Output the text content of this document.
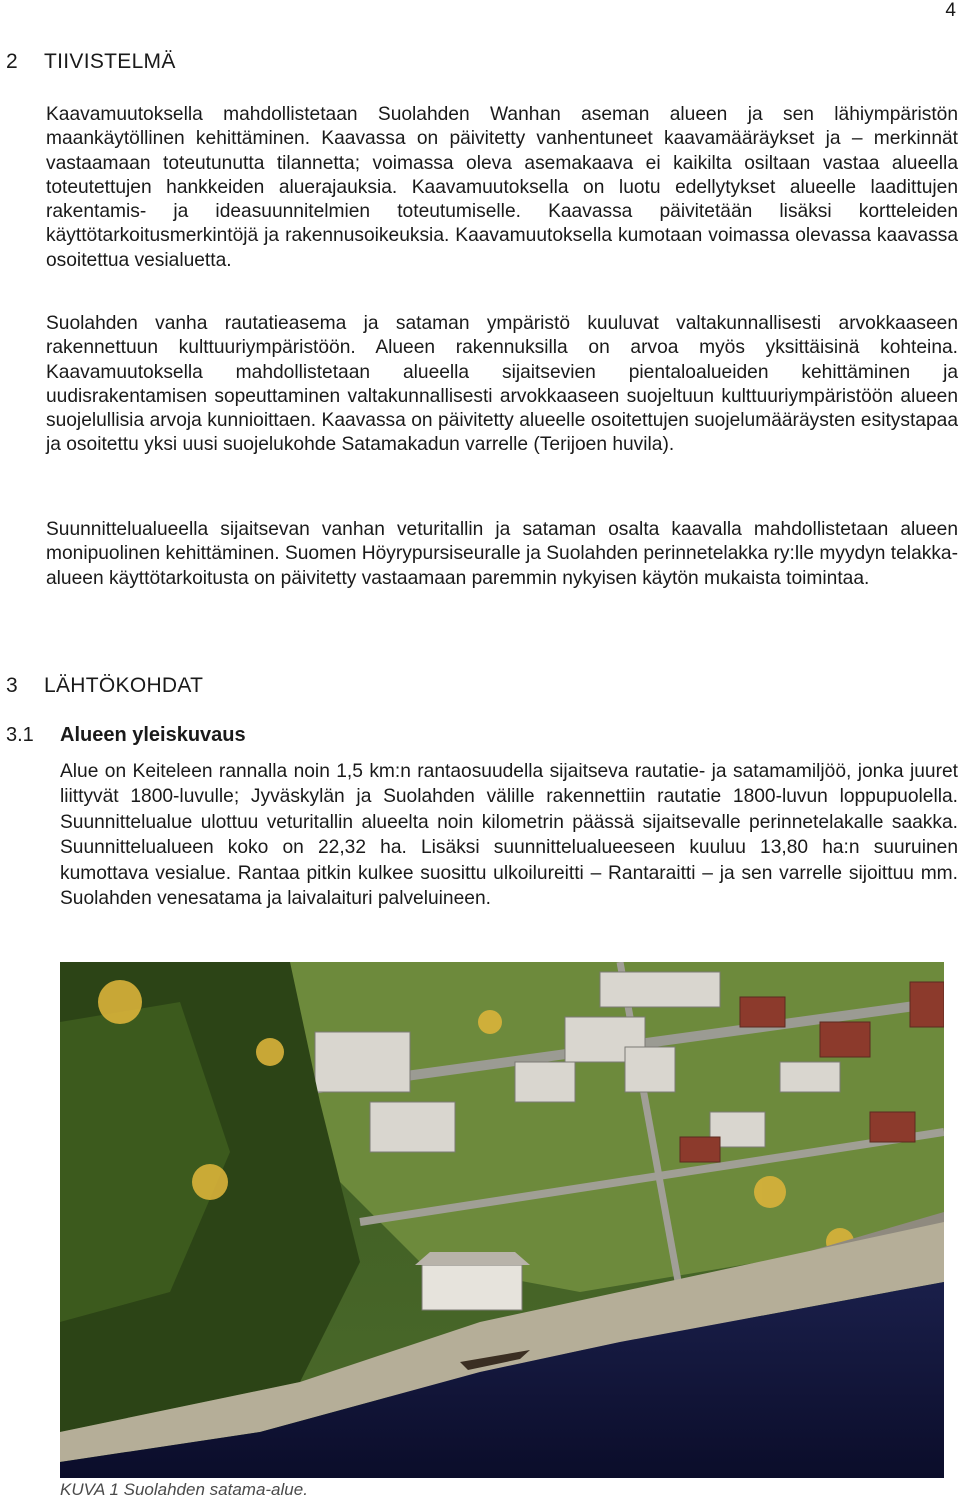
4
2 TIIVISTELMÄ

Kaavamuutoksella mahdollistetaan Suolahden Wanhan aseman alueen ja sen lähiympäristön maankäytöllinen kehittäminen. Kaavassa on päivitetty vanhentuneet kaavamääräykset ja – merkinnät vastaamaan toteutunutta tilannetta; voimassa oleva asemakaava ei kaikilta osiltaan vastaa alueella toteutettujen hankkeiden aluerajauksia. Kaavamuutoksella on luotu edellytykset alueelle laadittujen rakentamis- ja ideasuunnitelmien toteutumiselle. Kaavassa päivitetään lisäksi kortteleiden käyttötarkoitusmerkintöjä ja rakennusoikeuksia. Kaavamuutoksella kumotaan voimassa olevassa kaavassa osoitettua vesialuetta.

Suolahden vanha rautatieasema ja sataman ympäristö kuuluvat valtakunnallisesti arvokkaaseen rakennettuun kulttuuriympäristöön. Alueen rakennuksilla on arvoa myös yksittäisinä kohteina. Kaavamuutoksella mahdollistetaan alueella sijaitsevien pientaloalueiden kehittäminen ja uudisrakentamisen sopeuttaminen valtakunnallisesti arvokkaaseen suojeltuun kulttuuriympäristöön alueen suojelullisia arvoja kunnioittaen. Kaavassa on päivitetty alueelle osoitettujen suojelumääräysten esitystapaa ja osoitettu yksi uusi suojelukohde Satamakadun varrelle (Terijoen huvila).

Suunnittelualueella sijaitsevan vanhan veturitallin ja sataman osalta kaavalla mahdollistetaan alueen monipuolinen kehittäminen. Suomen Höyrypursiseuralle ja Suolahden perinnetelakka ry:lle myydyn telakka-alueen käyttötarkoitusta on päivitetty vastaamaan paremmin nykyisen käytön mukaista toimintaa.

3 LÄHTÖKOHDAT
3.1 Alueen yleiskuvaus

Alue on Keiteleen rannalla noin 1,5 km:n rantaosuudella sijaitseva rautatie- ja satamamiljöö, jonka juuret liittyvät 1800-luvulle; Jyväskylän ja Suolahden välille rakennettiin rautatie 1800-luvun loppupuolella. Suunnittelualue ulottuu veturitallin alueelta noin kilometrin päässä sijaitsevalle perinnetelakalle saakka. Suunnittelualueen koko on 22,32 ha. Lisäksi suunnittelualueeseen kuuluu 13,80 ha:n suuruinen kumottava vesialue. Rantaa pitkin kulkee suosittu ulkoilureitti – Rantaraitti – ja sen varrelle sijoittuu mm. Suolahden venesatama ja laivalaituri palveluineen.

KUVA 1 Suolahden satama-alue.
